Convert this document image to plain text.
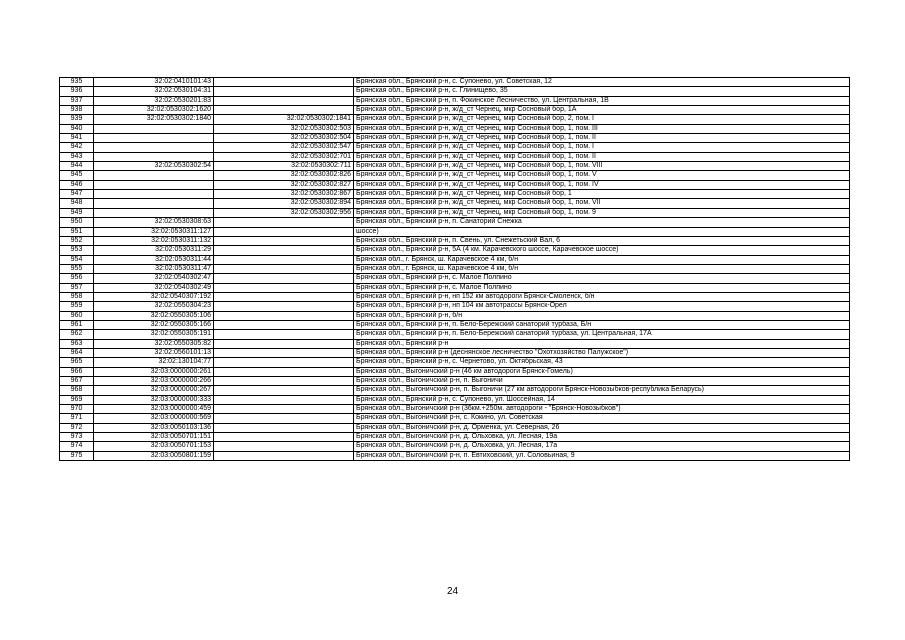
935	32:02:0410101:43		Брянская обл., Брянский р-н, с. Супонево, ул. Советская, 12
936	32:02:0530104:31		Брянская обл., Брянский р-н, с. Глинищево, 35
937	32:02:0530201:83		Брянская обл., Брянский р-н, п. Фокинское Лесничество, ул. Центральная, 1В
938	32:02:0530302:1620		Брянская обл., Брянский р-н, ж/д_ст Чернец, мкр Сосновый бор, 1А
939	32:02:0530302:1840	32:02:0530302:1841	Брянская обл., Брянский р-н, ж/д_ст Чернец, мкр Сосновый бор, 2, пом. I
940		32:02:0530302:503	Брянская обл., Брянский р-н, ж/д_ст Чернец, мкр Сосновый бор, 1, пом. III
941		32:02:0530302:504	Брянская обл., Брянский р-н, ж/д_ст Чернец, мкр Сосновый бор, 1, пом. II
942		32:02:0530302:547	Брянская обл., Брянский р-н, ж/д_ст Чернец, мкр Сосновый бор, 1, пом. I
943		32:02:0530302:701	Брянская обл., Брянский р-н, ж/д_ст Чернец, мкр Сосновый бор, 1, пом. II
944	32:02:0530302:54	32:02:0530302:711	Брянская обл., Брянский р-н, ж/д_ст Чернец, мкр Сосновый бор, 1, пом. VIII
945		32:02:0530302:826	Брянская обл., Брянский р-н, ж/д_ст Чернец, мкр Сосновый бор, 1, пом. V
946		32:02:0530302:827	Брянская обл., Брянский р-н, ж/д_ст Чернец, мкр Сосновый бор, 1, пом. IV
947		32:02:0530302:867	Брянская обл., Брянский р-н, ж/д_ст Чернец, мкр Сосновый бор, 1
948		32:02:0530302:894	Брянская обл., Брянский р-н, ж/д_ст Чернец, мкр Сосновый бор, 1, пом. VII
949		32:02:0530302:956	Брянская обл., Брянский р-н, ж/д_ст Чернец, мкр Сосновый бор, 1, пом. 9
950	32:02:0530308:63		Брянская обл., Брянский р-н, п. Санаторий Снежка
951	32:02:0530311:127		шоссе)
952	32:02:0530311:132		Брянская обл., Брянский р-н, п. Свень, ул. Снежетьский Вал, 6
953	32:02:0530311:29		Брянская обл., Брянский р-н, 5А (4 км. Карачевского шоссе, Карачевское шоссе)
954	32:02:0530311:44		Брянская обл., г. Брянск, ш. Карачевское 4 км, б/н
955	32:02:0530311:47		Брянская обл., г. Брянск, ш. Карачевское 4 км, б/н
956	32:02:0540302:47		Брянская обл., Брянский р-н, с. Малое Полпино
957	32:02:0540302:49		Брянская обл., Брянский р-н, с. Малое Полпино
958	32:02:0540307:192		Брянская обл., Брянский р-н, нп 152 км автодороги Брянск-Смоленск, б/н
959	32:02:0550304:23		Брянская обл., Брянский р-н, нп 104 км автотрассы Брянск-Орел
960	32:02:0550305:106		Брянская обл., Брянский р-н, б/н
961	32:02:0550305:166		Брянская обл., Брянский р-н, п. Бело-Бережский санаторий турбаза, Б/н
962	32:02:0550305:191		Брянская обл., Брянский р-н, п. Бело-Бережский санаторий турбаза, ул. Центральная, 17А
963	32:02:0550305:82		Брянская обл., Брянский р-н
964	32:02:0560101:13		Брянская обл., Брянский р-н (деснянское лесничество "Охотхозяйство Палужское")
965	32:02:130104:77		Брянская обл., Брянский р-н, с. Чернетово, ул. Октябрьская, 43
966	32:03:0000000:261		Брянская обл., Выгоничский р-н (46 км автодороги Брянск-Гомель)
967	32:03:0000000:266		Брянская обл., Выгоничский р-н, п. Выгоничи
968	32:03:0000000:267		Брянская обл., Выгоничский р-н, п. Выгоничи (27 км автодороги Брянск-Новозыбков-республика Беларусь)
969	32:03:0000000:333		Брянская обл., Брянский р-н, с. Супонево, ул. Шоссейная, 14
970	32:03:0000000:459		Брянская обл., Выгоничский р-н (36км.+250м. автодороги - "Брянск-Новозыбков")
971	32:03:0000000:569		Брянская обл., Выгоничский р-н, с. Кокино, ул. Советская
972	32:03:0050103:136		Брянская обл., Выгоничский р-н, д. Орменка, ул. Северная, 26
973	32:03:0050701:151		Брянская обл., Выгоничский р-н, д. Ольховка, ул. Лесная, 19а
974	32:03:0050701:153		Брянская обл., Выгоничский р-н, д. Ольховка, ул. Лесная, 17а
975	32:03:0050801:159		Брянская обл., Выгоничский р-н, п. Евтиховский, ул. Соловьиная, 9
24
